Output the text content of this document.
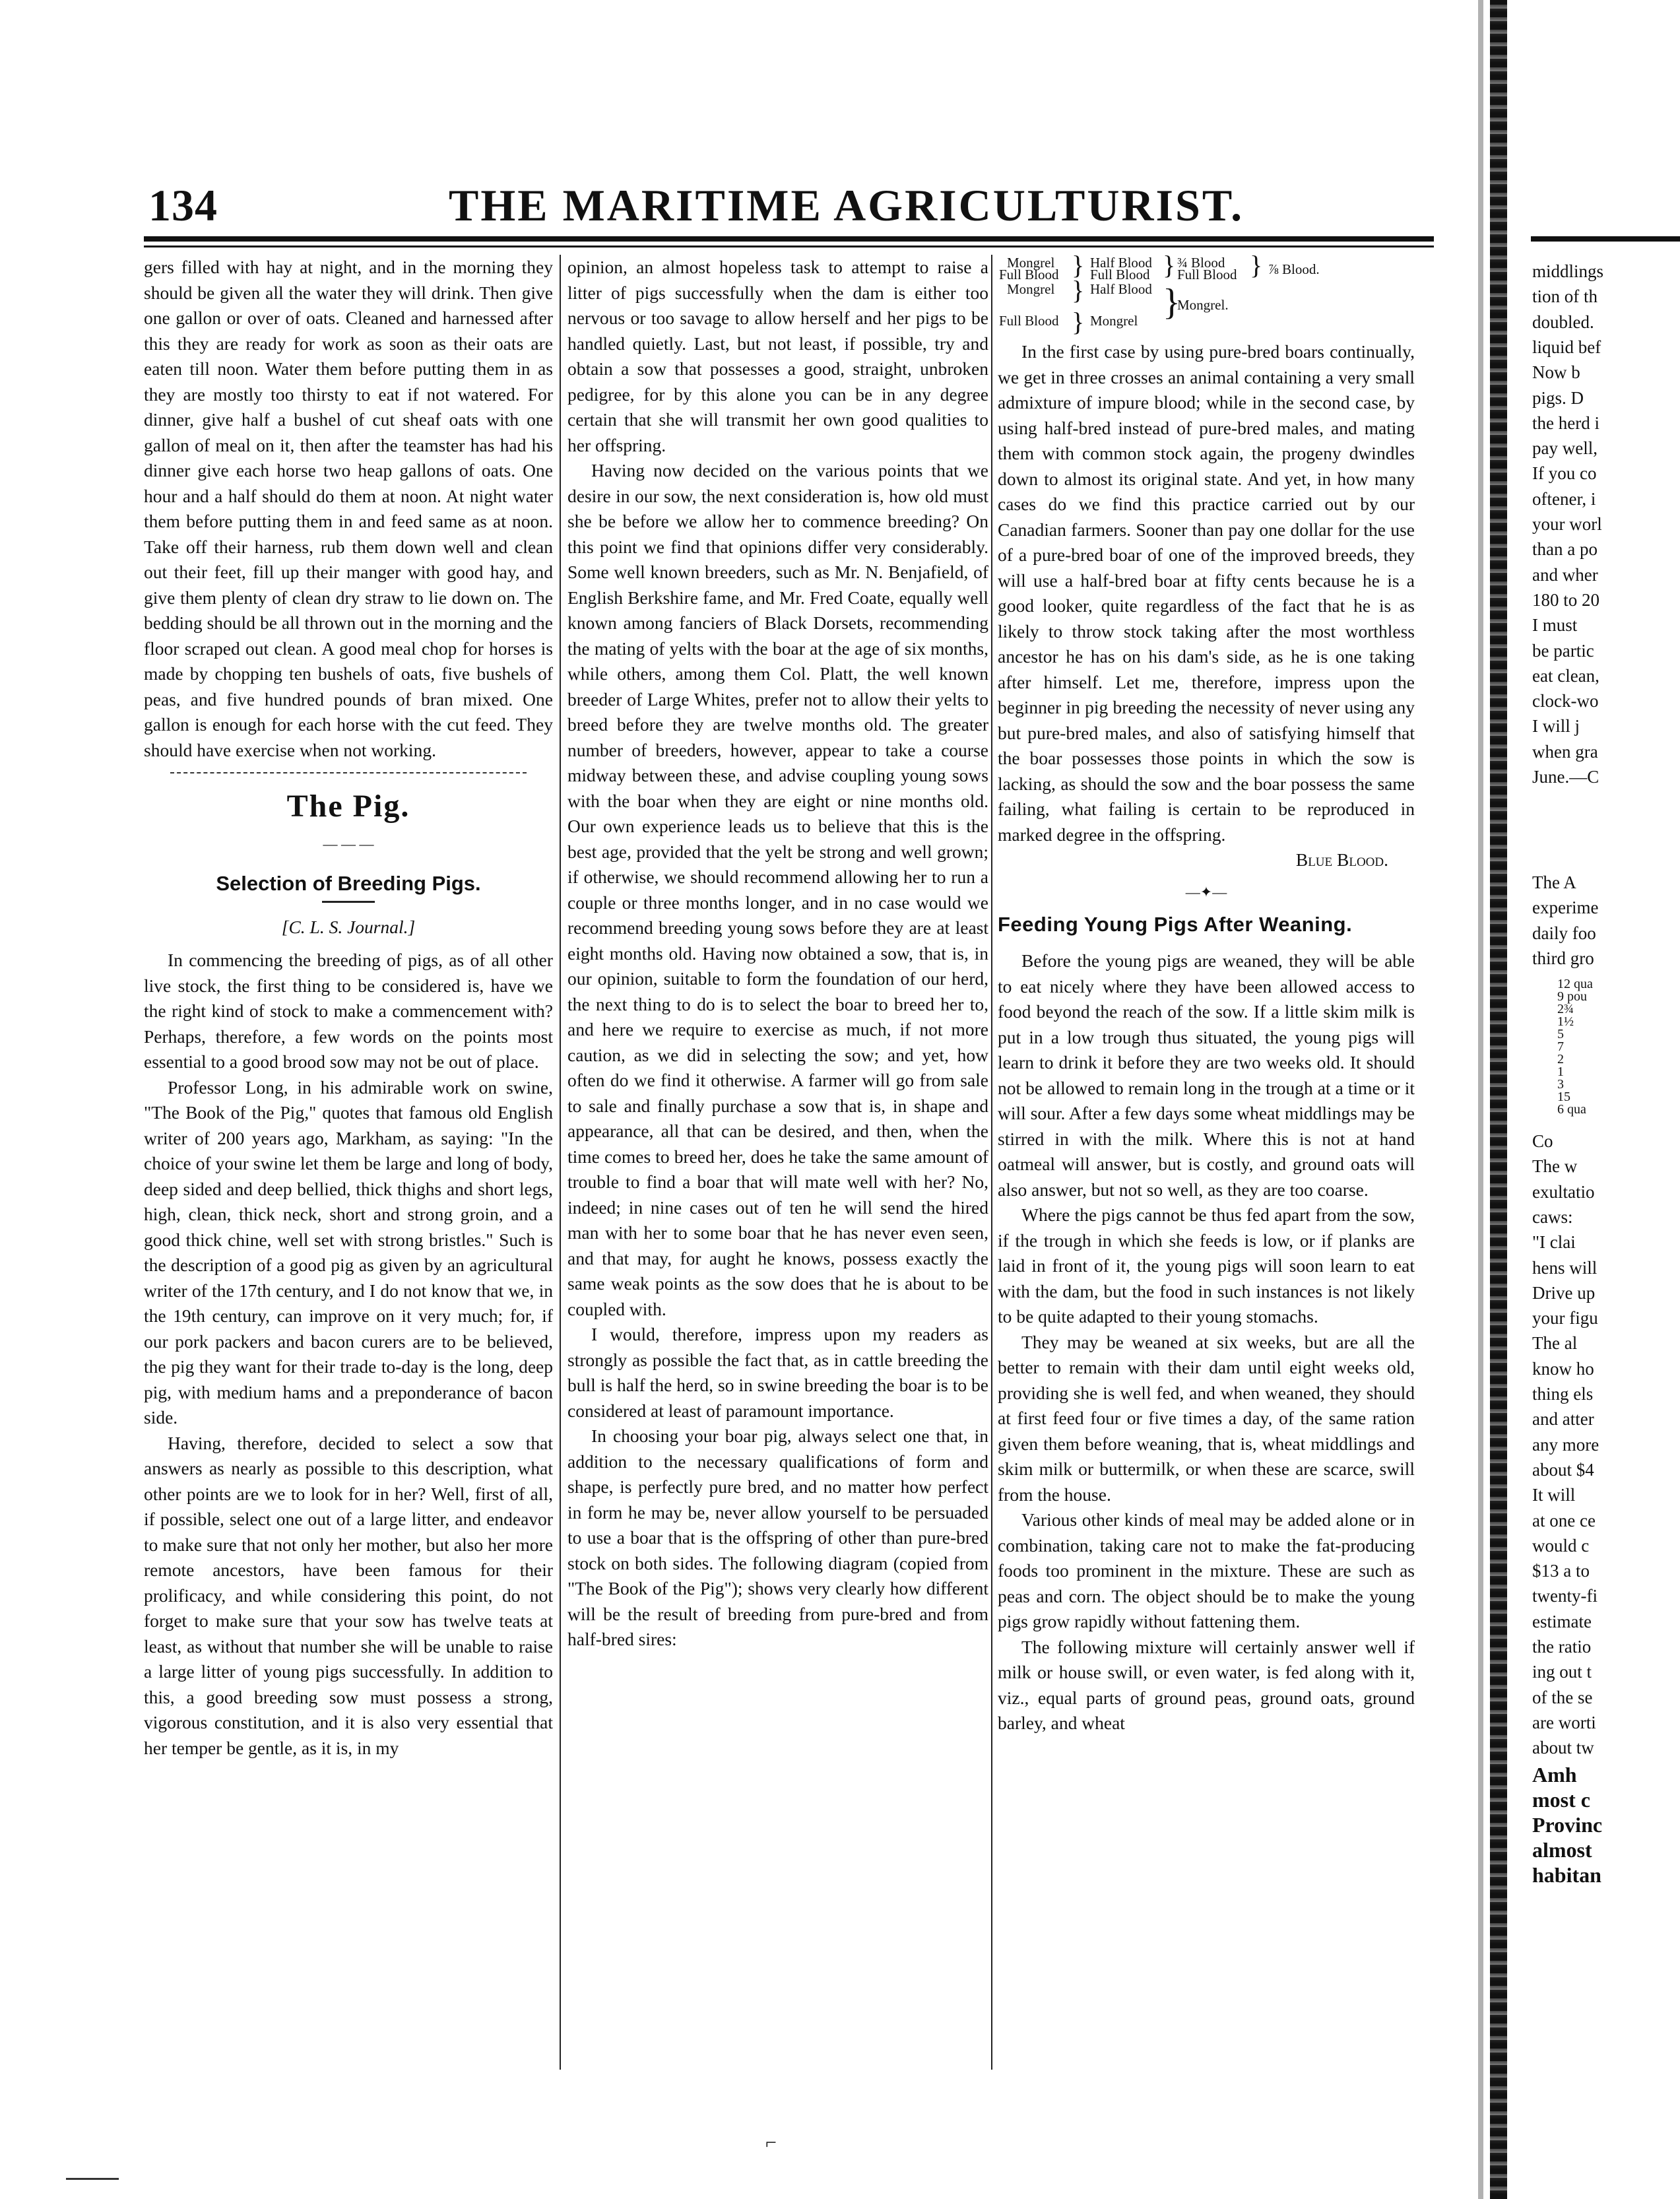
134	THE MARITIME AGRICULTURIST.

gers filled with hay at night, and in the morning they should be given all the water they will drink. Then give one gallon or over of oats. Cleaned and harnessed after this they are ready for work as soon as their oats are eaten till noon. Water them before putting them in as they are mostly too thirsty to eat if not watered. For dinner, give half a bushel of cut sheaf oats with one gallon of meal on it, then after the teamster has had his dinner give each horse two heap gallons of oats. One hour and a half should do them at noon. At night water them before putting them in and feed same as at noon. Take off their harness, rub them down well and clean out their feet, fill up their manger with good hay, and give them plenty of clean dry straw to lie down on. The bedding should be all thrown out in the morning and the floor scraped out clean. A good meal chop for horses is made by chopping ten bushels of oats, five bushels of peas, and five hundred pounds of bran mixed. One gallon is enough for each horse with the cut feed. They should have exercise when not working.

The Pig.
— — —
Selection of Breeding Pigs.
[C. L. S. Journal.]

In commencing the breeding of pigs, as of all other live stock, the first thing to be considered is, have we the right kind of stock to make a commencement with? Perhaps, therefore, a few words on the points most essential to a good brood sow may not be out of place.

Professor Long, in his admirable work on swine, "The Book of the Pig," quotes that famous old English writer of 200 years ago, Markham, as saying: "In the choice of your swine let them be large and long of body, deep sided and deep bellied, thick thighs and short legs, high, clean, thick neck, short and strong groin, and a good thick chine, well set with strong bristles." Such is the description of a good pig as given by an agricultural writer of the 17th century, and I do not know that we, in the 19th century, can improve on it very much; for, if our pork packers and bacon curers are to be believed, the pig they want for their trade to-day is the long, deep pig, with medium hams and a preponderance of bacon side.

Having, therefore, decided to select a sow that answers as nearly as possible to this description, what other points are we to look for in her? Well, first of all, if possible, select one out of a large litter, and endeavor to make sure that not only her mother, but also her more remote ancestors, have been famous for their prolificacy, and while considering this point, do not forget to make sure that your sow has twelve teats at least, as without that number she will be unable to raise a large litter of young pigs successfully. In addition to this, a good breeding sow must possess a strong, vigorous constitution, and it is also very essential that her temper be gentle, as it is, in my

opinion, an almost hopeless task to attempt to raise a litter of pigs successfully when the dam is either too nervous or too savage to allow herself and her pigs to be handled quietly. Last, but not least, if possible, try and obtain a sow that possesses a good, straight, unbroken pedigree, for by this alone you can be in any degree certain that she will transmit her own good qualities to her offspring.

Having now decided on the various points that we desire in our sow, the next consideration is, how old must she be before we allow her to commence breeding? On this point we find that opinions differ very considerably. Some well known breeders, such as Mr. N. Benjafield, of English Berkshire fame, and Mr. Fred Coate, equally well known among fanciers of Black Dorsets, recommending the mating of yelts with the boar at the age of six months, while others, among them Col. Platt, the well known breeder of Large Whites, prefer not to allow their yelts to breed before they are twelve months old. The greater number of breeders, however, appear to take a course midway between these, and advise coupling young sows with the boar when they are eight or nine months old. Our own experience leads us to believe that this is the best age, provided that the yelt be strong and well grown; if otherwise, we should recommend allowing her to run a couple or three months longer, and in no case would we recommend breeding young sows before they are at least eight months old. Having now obtained a sow, that is, in our opinion, suitable to form the foundation of our herd, the next thing to do is to select the boar to breed her to, and here we require to exercise as much, if not more caution, as we did in selecting the sow; and yet, how often do we find it otherwise. A farmer will go from sale to sale and finally purchase a sow that is, in shape and appearance, all that can be desired, and then, when the time comes to breed her, does he take the same amount of trouble to find a boar that will mate well with her? No, indeed; in nine cases out of ten he will send the hired man with her to some boar that he has never even seen, and that may, for aught he knows, possess exactly the same weak points as the sow does that he is about to be coupled with.

I would, therefore, impress upon my readers as strongly as possible the fact that, as in cattle breeding the bull is half the herd, so in swine breeding the boar is to be considered at least of paramount importance.

In choosing your boar pig, always select one that, in addition to the necessary qualifications of form and shape, is perfectly pure bred, and no matter how perfect in form he may be, never allow yourself to be persuaded to use a boar that is the offspring of other than pure-bred stock on both sides. The following diagram (copied from "The Book of the Pig"); shows very clearly how different will be the result of breeding from pure-bred and from half-bred sires:

Mongrel
Full Blood } Half Blood
Full Blood } ¾ Blood
Full Blood } ⅞ Blood.
Mongrel } Half Blood }
Mongrel.
Full Blood } Mongrel

In the first case by using pure-bred boars continually, we get in three crosses an animal containing a very small admixture of impure blood; while in the second case, by using half-bred instead of pure-bred males, and mating them with common stock again, the progeny dwindles down to almost its original state. And yet, in how many cases do we find this practice carried out by our Canadian farmers. Sooner than pay one dollar for the use of a pure-bred boar of one of the improved breeds, they will use a half-bred boar at fifty cents because he is a good looker, quite regardless of the fact that he is as likely to throw stock taking after the most worthless ancestor he has on his dam's side, as he is one taking after himself. Let me, therefore, impress upon the beginner in pig breeding the necessity of never using any but pure-bred males, and also of satisfying himself that the boar possesses those points in which the sow is lacking, as should the sow and the boar possess the same failing, what failing is certain to be reproduced in marked degree in the offspring.

Blue Blood.
—✦—
Feeding Young Pigs After Weaning.

Before the young pigs are weaned, they will be able to eat nicely where they have been allowed access to food beyond the reach of the sow. If a little skim milk is put in a low trough thus situated, the young pigs will learn to drink it before they are two weeks old. It should not be allowed to remain long in the trough at a time or it will sour. After a few days some wheat middlings may be stirred in with the milk. Where this is not at hand oatmeal will answer, but is costly, and ground oats will also answer, but not so well, as they are too coarse.

Where the pigs cannot be thus fed apart from the sow, if the trough in which she feeds is low, or if planks are laid in front of it, the young pigs will soon learn to eat with the dam, but the food in such instances is not likely to be quite adapted to their young stomachs.

They may be weaned at six weeks, but are all the better to remain with their dam until eight weeks old, providing she is well fed, and when weaned, they should at first feed four or five times a day, of the same ration given them before weaning, that is, wheat middlings and skim milk or buttermilk, or when these are scarce, swill from the house.

Various other kinds of meal may be added alone or in combination, taking care not to make the fat-producing foods too prominent in the mixture. These are such as peas and corn. The object should be to make the young pigs grow rapidly without fattening them.

The following mixture will certainly answer well if milk or house swill, or even water, is fed along with it, viz., equal parts of ground peas, ground oats, ground barley, and wheat

middlings
tion of th
doubled.
liquid bef
Now b
pigs. D
the herd i
pay well,
If you co
oftener, i
your worl
than a po
and wher
180 to 20
I must
be partic
eat clean,
clock-wo
I will j
when gra
June.—C
The A
experime
daily foo
third gro
12 qua
9 pou
2¾
1½
5
7
2
1
3
15
6 qua
Co
The w
exultatio
caws:
"I clai
hens will
Drive up
your figu
The al
know ho
thing els
and atter
any more
about $4
It will
at one ce
would c
$13 a to
twenty-fi
estimate
the ratio
ing out t
of the se
are worti
about tw
Amh
most c
Provinc
almost
habitan
⌐
